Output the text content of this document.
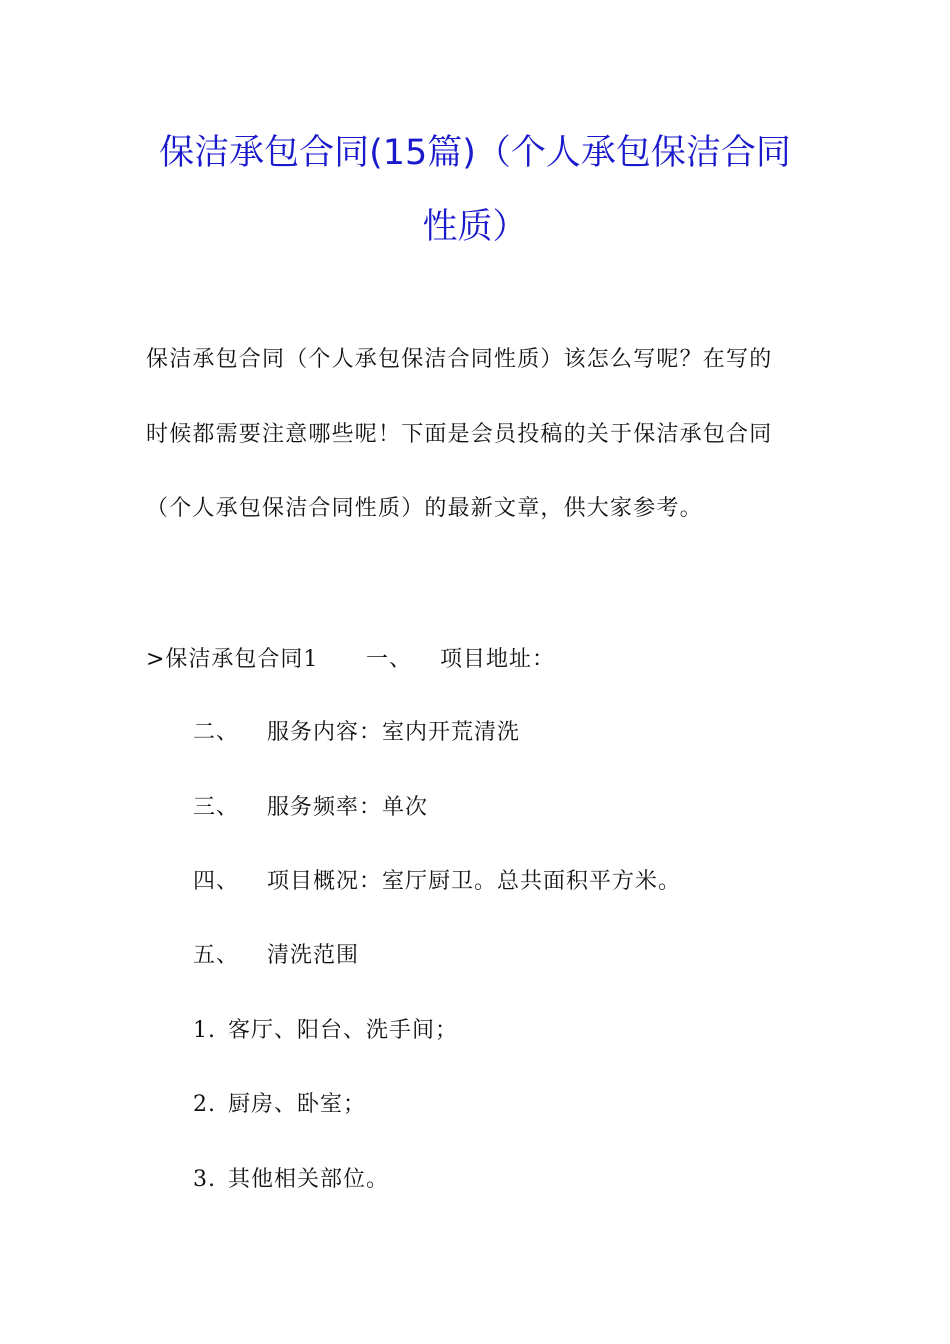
保洁承包合同(15篇)（个人承包保洁合同
性质）
保洁承包合同（个人承包保洁合同性质）该怎么写呢？在写的
时候都需要注意哪些呢！下面是会员投稿的关于保洁承包合同
（个人承包保洁合同性质）的最新文章，供大家参考。
>保洁承包合同1 一、 项目地址：
二、 服务内容：室内开荒清洗
三、 服务频率：单次
四、 项目概况：室厅厨卫。总共面积平方米。
五、 清洗范围
1. 客厅、阳台、洗手间；
2. 厨房、卧室；
3. 其他相关部位。
